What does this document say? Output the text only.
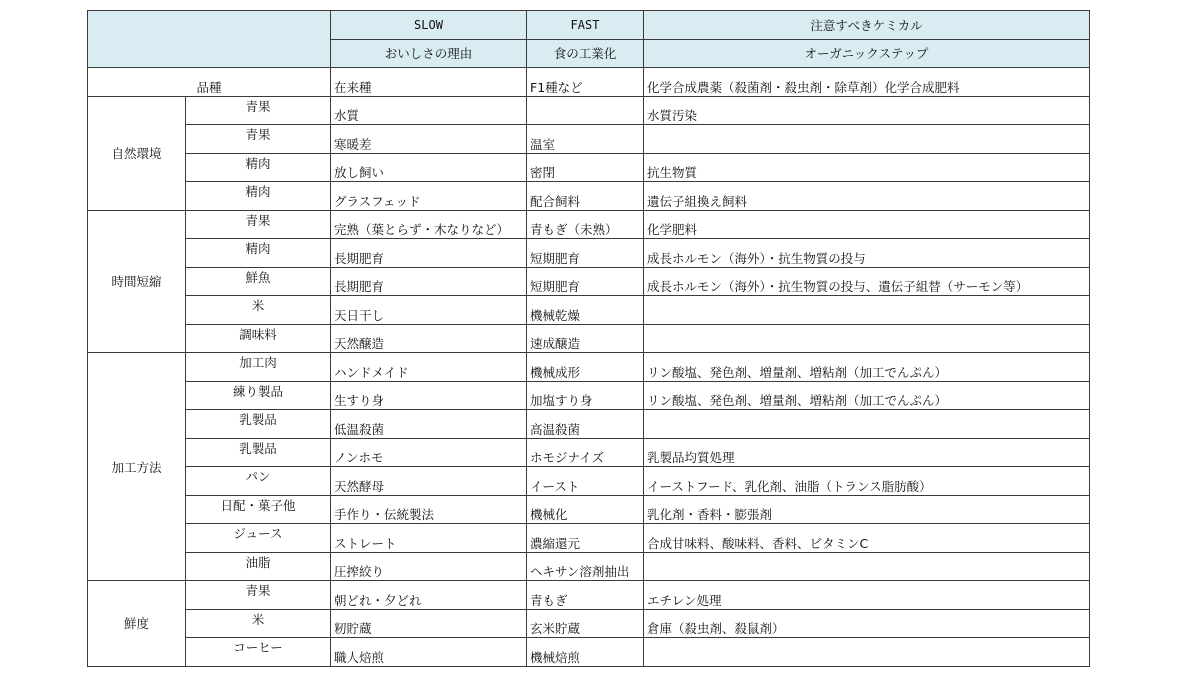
		SLOW	FAST	注意すべきケミカル
		おいしさの理由	食の工業化	オーガニックステップ
品種		在来種	F1種など	化学合成農薬（殺菌剤・殺虫剤・除草剤）化学合成肥料
自然環境	青果	水質		水質汚染
	青果	寒暖差	温室	
	精肉	放し飼い	密閉	抗生物質
	精肉	グラスフェッド	配合飼料	遺伝子組換え飼料
時間短縮	青果	完熟（葉とらず・木なりなど）	青もぎ（未熟）	化学肥料
	精肉	長期肥育	短期肥育	成長ホルモン（海外）・抗生物質の投与
	鮮魚	長期肥育	短期肥育	成長ホルモン（海外）・抗生物質の投与、遺伝子組替（サーモン等）
	米	天日干し	機械乾燥	
	調味料	天然醸造	速成醸造	
加工方法	加工肉	ハンドメイド	機械成形	リン酸塩、発色剤、増量剤、増粘剤（加工でんぷん）
	練り製品	生すり身	加塩すり身	リン酸塩、発色剤、増量剤、増粘剤（加工でんぷん）
	乳製品	低温殺菌	高温殺菌	
	乳製品	ノンホモ	ホモジナイズ	乳製品均質処理
	パン	天然酵母	イースト	イーストフード、乳化剤、油脂（トランス脂肪酸）
	日配・菓子他	手作り・伝統製法	機械化	乳化剤・香料・膨張剤
	ジュース	ストレート	濃縮還元	合成甘味料、酸味料、香料、ビタミンC
	油脂	圧搾絞り	ヘキサン溶剤抽出	
鮮度	青果	朝どれ・夕どれ	青もぎ	エチレン処理
	米	籾貯蔵	玄米貯蔵	倉庫（殺虫剤、殺鼠剤）
	コーヒー	職人焙煎	機械焙煎	
